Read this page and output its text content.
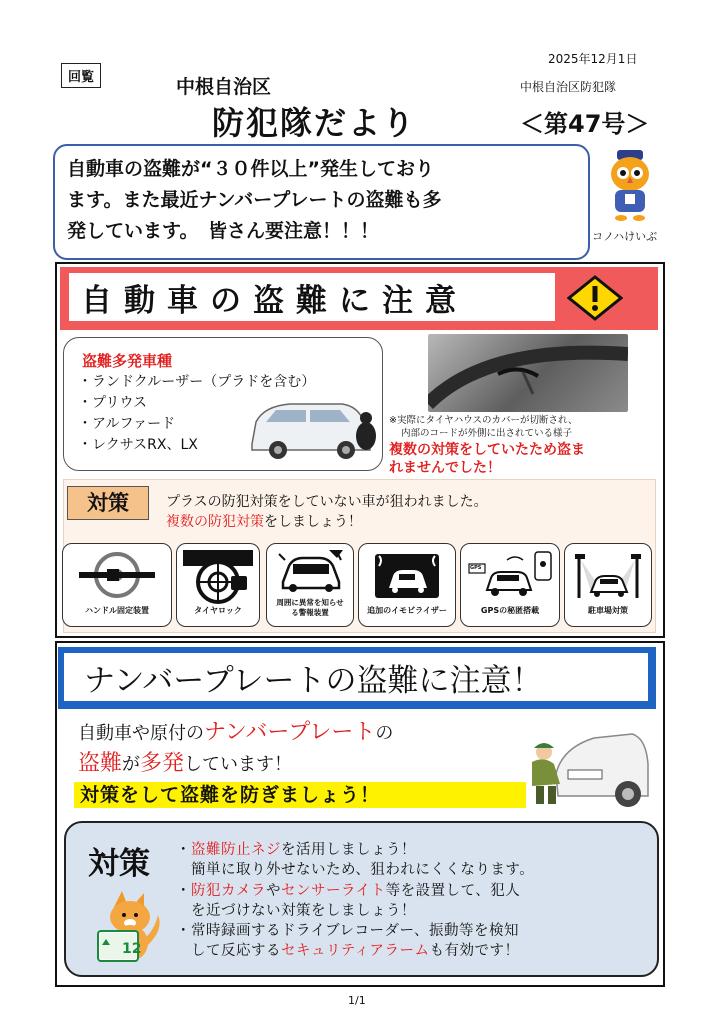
回覧
2025年12月1日
中根自治区	中根自治区防犯隊
防犯隊だより	＜第47号＞
自動車の盗難が“３０件以上”発生しており
ます。また最近ナンバープレートの盗難も多
発しています。　皆さん要注意！！！	コノハけいぶ
自動車の盗難に注意
盗難多発車種
・ランドクルーザー（プラドを含む）
・プリウス
・アルファード
・レクサスRX、LX
※実際にタイヤハウスのカバーが切断され、
内部のコードが外側に出されている様子
複数の対策をしていたため盗ま
れませんでした！
対策	プラスの防犯対策をしていない車が狙われました。
複数の防犯対策をしましょう！
ハンドル固定装置	タイヤロック
周囲に異常を知らせる警報装置	追加のイモビライザー
GPS
GPSの秘匿搭載	駐車場対策
ナンバープレートの盗難に注意！
自動車や原付のナンバープレートの
盗難が多発しています！
対策をして盗難を防ぎましょう！
対策
12
・盗難防止ネジを活用しましょう！
簡単に取り外せないため、狙われにくくなります。
・防犯カメラやセンサーライト等を設置して、犯人
を近づけない対策をしましょう！
・常時録画するドライブレコーダー、振動等を検知
して反応するセキュリティアラームも有効です！
1/1
